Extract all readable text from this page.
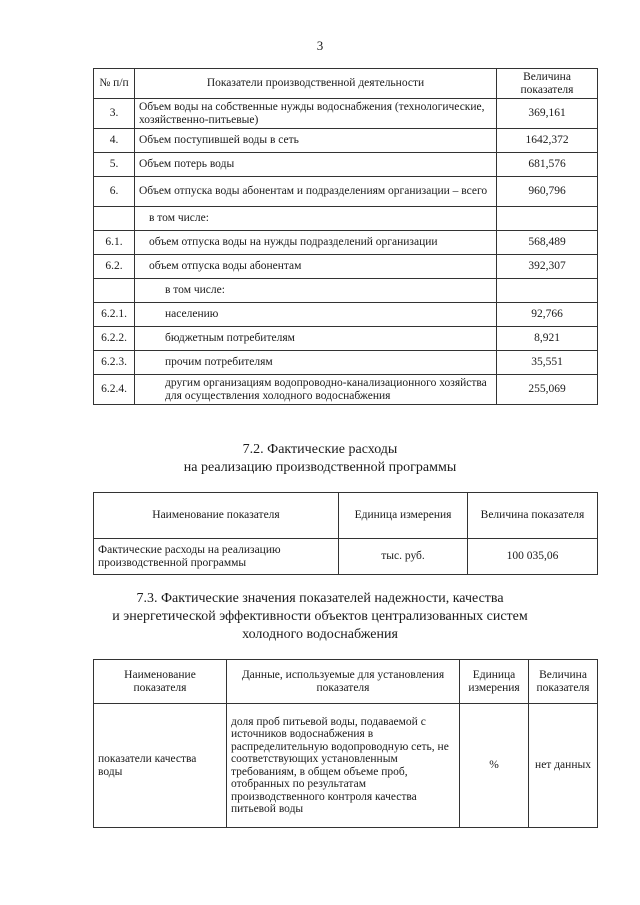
3
№ п/п	Показатели производственной деятельности	Величина показателя
3.	Объем воды на собственные нужды водоснабжения (технологические, хозяйственно-питьевые)	369,161
4.	Объем поступившей воды в сеть	1642,372
5.	Объем потерь воды	681,576
6.	Объем отпуска воды абонентам и подразделениям организации – всего	960,796
	в том числе:	
6.1.	объем отпуска воды на нужды подразделений организации	568,489
6.2.	объем отпуска воды абонентам	392,307
	в том числе:	
6.2.1.	населению	92,766
6.2.2.	бюджетным потребителям	8,921
6.2.3.	прочим потребителям	35,551
6.2.4.	другим организациям водопроводно-канализационного хозяйства для осуществления холодного водоснабжения	255,069
7.2. Фактические расходы
на реализацию производственной программы
Наименование показателя	Единица измерения	Величина показателя
Фактические расходы на реализацию производственной программы	тыс. руб.	100 035,06
7.3. Фактические значения показателей надежности, качества
и энергетической эффективности объектов централизованных систем
холодного водоснабжения
Наименование показателя	Данные, используемые для установления показателя	Единица измерения	Величина показателя
показатели качества воды	доля проб питьевой воды, подаваемой с источников водоснабжения в распределительную водопроводную сеть, не соответствующих установленным требованиям, в общем объеме проб, отобранных по результатам производственного контроля качества питьевой воды	%	нет данных
